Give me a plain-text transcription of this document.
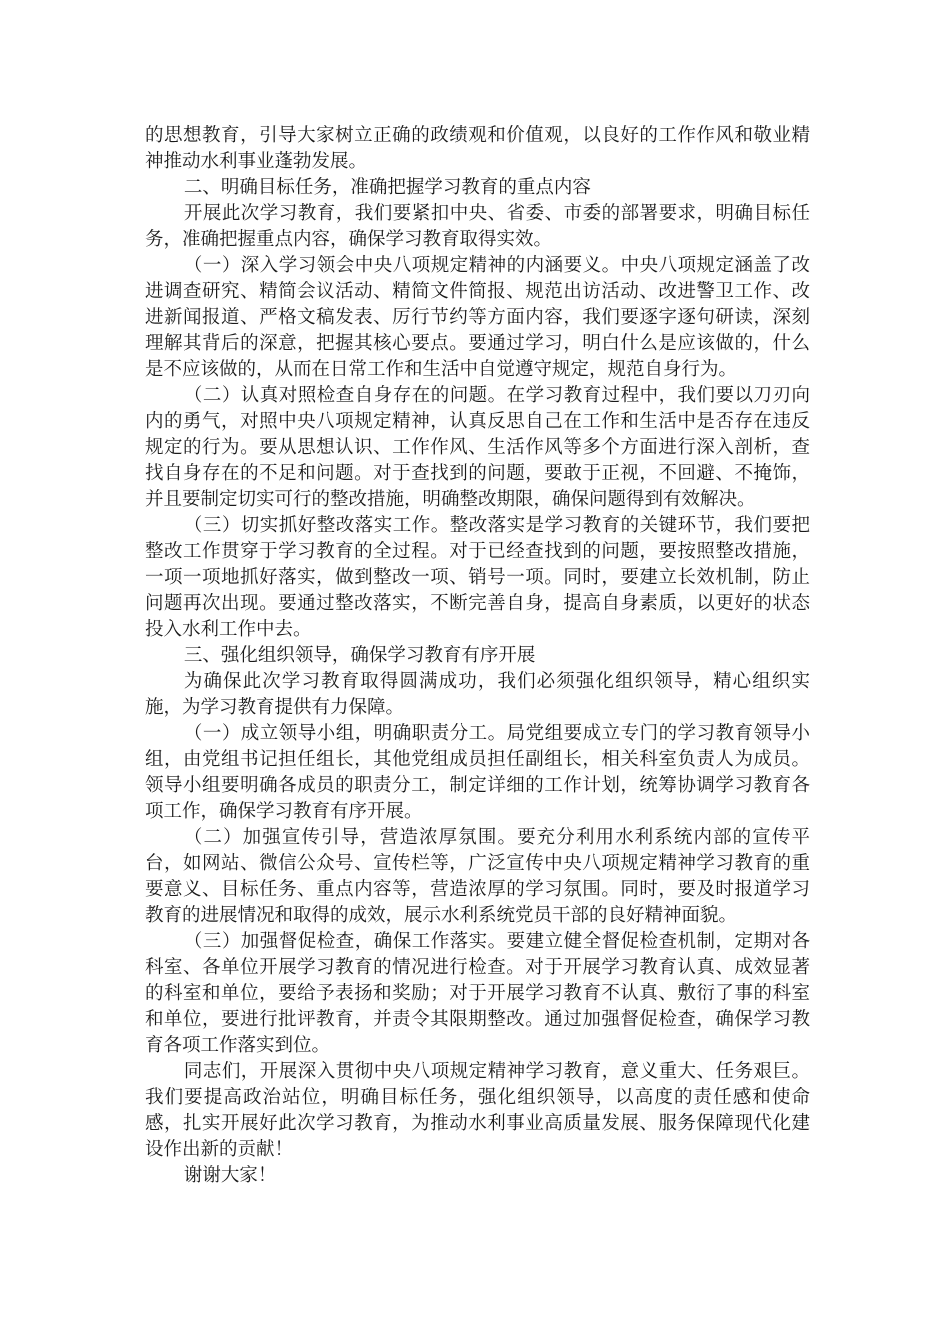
的思想教育，引导大家树立正确的政绩观和价值观，以良好的工作作风和敬业精神推动水利事业蓬勃发展。

二、明确目标任务，准确把握学习教育的重点内容

开展此次学习教育，我们要紧扣中央、省委、市委的部署要求，明确目标任务，准确把握重点内容，确保学习教育取得实效。

（一）深入学习领会中央八项规定精神的内涵要义。中央八项规定涵盖了改进调查研究、精简会议活动、精简文件简报、规范出访活动、改进警卫工作、改进新闻报道、严格文稿发表、厉行节约等方面内容，我们要逐字逐句研读，深刻理解其背后的深意，把握其核心要点。要通过学习，明白什么是应该做的，什么是不应该做的，从而在日常工作和生活中自觉遵守规定，规范自身行为。

（二）认真对照检查自身存在的问题。在学习教育过程中，我们要以刀刃向内的勇气，对照中央八项规定精神，认真反思自己在工作和生活中是否存在违反规定的行为。要从思想认识、工作作风、生活作风等多个方面进行深入剖析，查找自身存在的不足和问题。对于查找到的问题，要敢于正视，不回避、不掩饰，并且要制定切实可行的整改措施，明确整改期限，确保问题得到有效解决。

（三）切实抓好整改落实工作。整改落实是学习教育的关键环节，我们要把整改工作贯穿于学习教育的全过程。对于已经查找到的问题，要按照整改措施，一项一项地抓好落实，做到整改一项、销号一项。同时，要建立长效机制，防止问题再次出现。要通过整改落实，不断完善自身，提高自身素质，以更好的状态投入水利工作中去。

三、强化组织领导，确保学习教育有序开展

为确保此次学习教育取得圆满成功，我们必须强化组织领导，精心组织实施，为学习教育提供有力保障。

（一）成立领导小组，明确职责分工。局党组要成立专门的学习教育领导小组，由党组书记担任组长，其他党组成员担任副组长，相关科室负责人为成员。领导小组要明确各成员的职责分工，制定详细的工作计划，统筹协调学习教育各项工作，确保学习教育有序开展。

（二）加强宣传引导，营造浓厚氛围。要充分利用水利系统内部的宣传平台，如网站、微信公众号、宣传栏等，广泛宣传中央八项规定精神学习教育的重要意义、目标任务、重点内容等，营造浓厚的学习氛围。同时，要及时报道学习教育的进展情况和取得的成效，展示水利系统党员干部的良好精神面貌。

（三）加强督促检查，确保工作落实。要建立健全督促检查机制，定期对各科室、各单位开展学习教育的情况进行检查。对于开展学习教育认真、成效显著的科室和单位，要给予表扬和奖励；对于开展学习教育不认真、敷衍了事的科室和单位，要进行批评教育，并责令其限期整改。通过加强督促检查，确保学习教育各项工作落实到位。

同志们，开展深入贯彻中央八项规定精神学习教育，意义重大、任务艰巨。我们要提高政治站位，明确目标任务，强化组织领导，以高度的责任感和使命感，扎实开展好此次学习教育，为推动水利事业高质量发展、服务保障现代化建设作出新的贡献！

谢谢大家！
